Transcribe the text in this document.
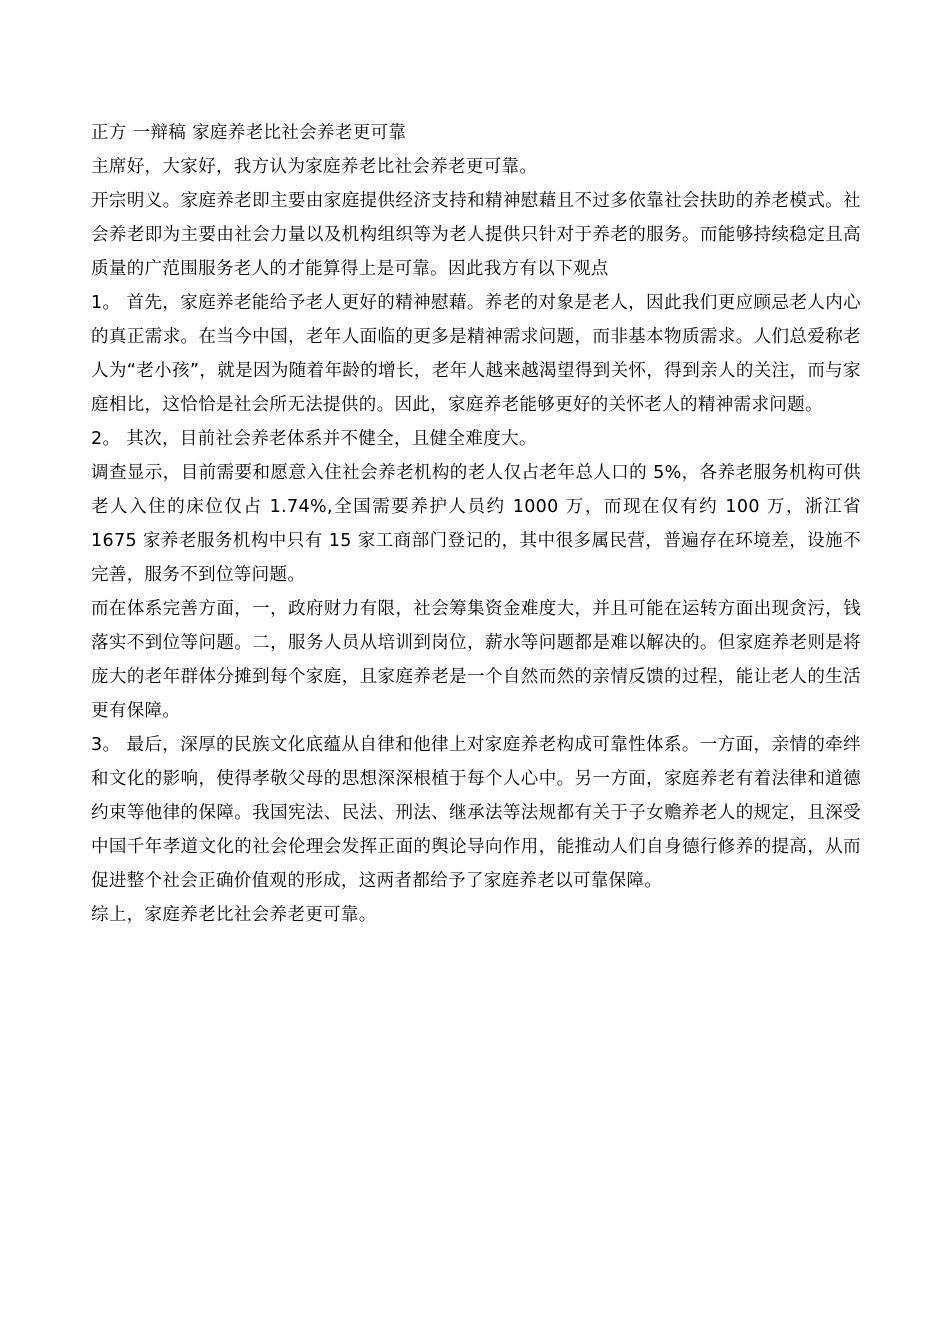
正方 一辩稿 家庭养老比社会养老更可靠

主席好，大家好，我方认为家庭养老比社会养老更可靠。

开宗明义。家庭养老即主要由家庭提供经济支持和精神慰藉且不过多依靠社会扶助的养老模式。社会养老即为主要由社会力量以及机构组织等为老人提供只针对于养老的服务。而能够持续稳定且高质量的广范围服务老人的才能算得上是可靠。因此我方有以下观点

1。 首先，家庭养老能给予老人更好的精神慰藉。养老的对象是老人，因此我们更应顾忌老人内心的真正需求。在当今中国，老年人面临的更多是精神需求问题，而非基本物质需求。人们总爱称老人为“老小孩”，就是因为随着年龄的增长，老年人越来越渴望得到关怀，得到亲人的关注，而与家庭相比，这恰恰是社会所无法提供的。因此，家庭养老能够更好的关怀老人的精神需求问题。

2。 其次，目前社会养老体系并不健全，且健全难度大。

调查显示，目前需要和愿意入住社会养老机构的老人仅占老年总人口的 5%，各养老服务机构可供老人入住的床位仅占 1.74%,全国需要养护人员约 1000 万，而现在仅有约 100 万，浙江省 1675 家养老服务机构中只有 15 家工商部门登记的，其中很多属民营，普遍存在环境差，设施不完善，服务不到位等问题。

而在体系完善方面，一，政府财力有限，社会筹集资金难度大，并且可能在运转方面出现贪污，钱落实不到位等问题。二，服务人员从培训到岗位，薪水等问题都是难以解决的。但家庭养老则是将庞大的老年群体分摊到每个家庭，且家庭养老是一个自然而然的亲情反馈的过程，能让老人的生活更有保障。

3。 最后，深厚的民族文化底蕴从自律和他律上对家庭养老构成可靠性体系。一方面，亲情的牵绊和文化的影响，使得孝敬父母的思想深深根植于每个人心中。另一方面，家庭养老有着法律和道德约束等他律的保障。我国宪法、民法、刑法、继承法等法规都有关于子女赡养老人的规定，且深受中国千年孝道文化的社会伦理会发挥正面的舆论导向作用，能推动人们自身德行修养的提高，从而促进整个社会正确价值观的形成，这两者都给予了家庭养老以可靠保障。

综上，家庭养老比社会养老更可靠。
